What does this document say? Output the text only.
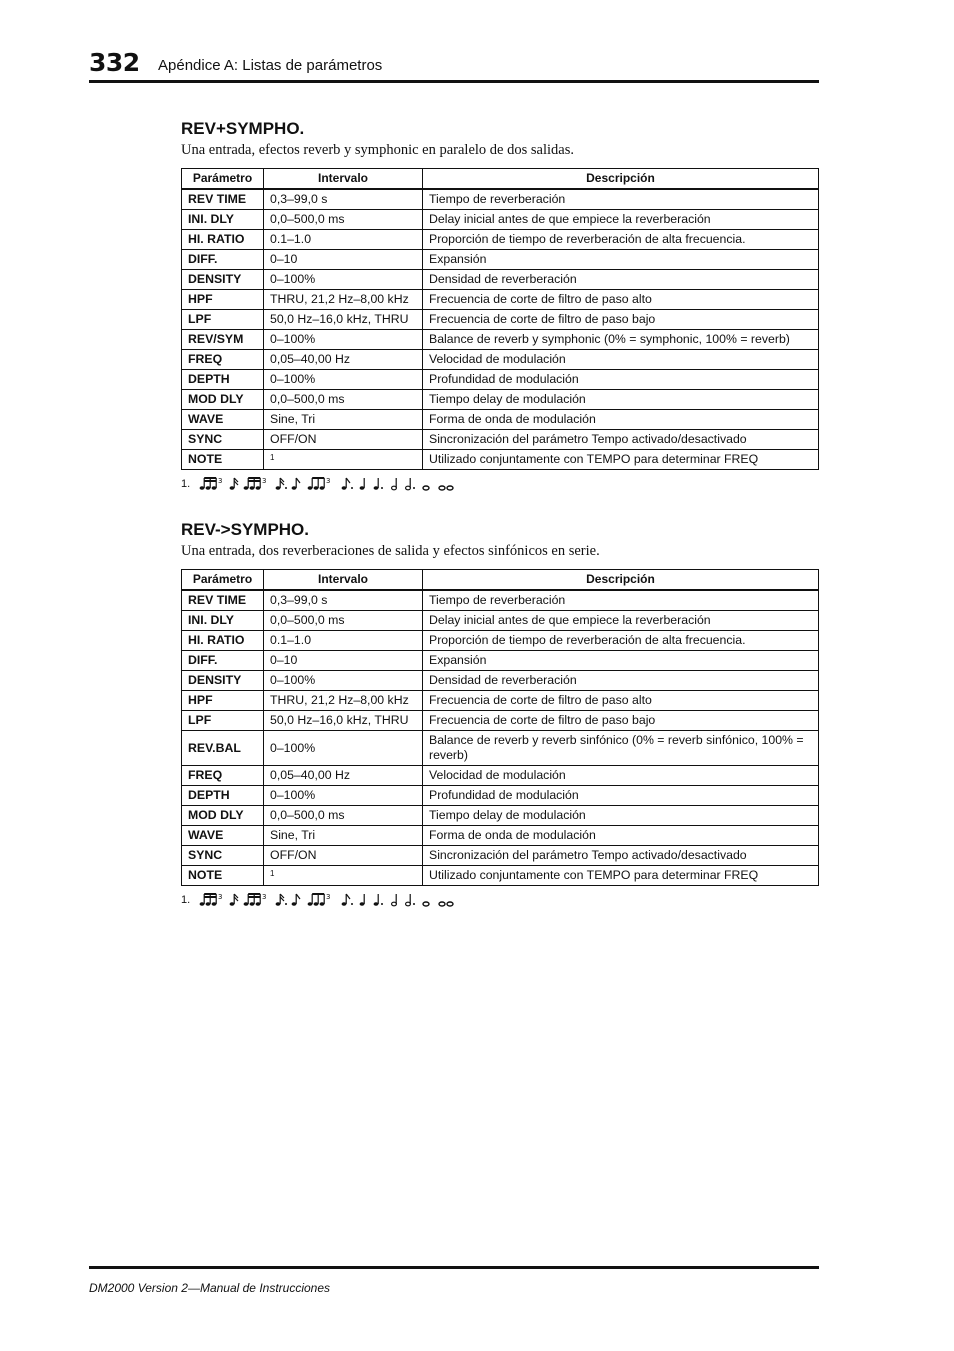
332 Apéndice A: Listas de parámetros
REV+SYMPHO.

Una entrada, efectos reverb y symphonic en paralelo de dos salidas.

Parámetro	Intervalo	Descripción
REV TIME	0,3–99,0 s	Tiempo de reverberación
INI. DLY	0,0–500,0 ms	Delay inicial antes de que empiece la reverberación
HI. RATIO	0.1–1.0	Proporción de tiempo de reverberación de alta frecuencia.
DIFF.	0–10	Expansión
DENSITY	0–100%	Densidad de reverberación
HPF	THRU, 21,2 Hz–8,00 kHz	Frecuencia de corte de filtro de paso alto
LPF	50,0 Hz–16,0 kHz, THRU	Frecuencia de corte de filtro de paso bajo
REV/SYM	0–100%	Balance de reverb y symphonic (0% = symphonic, 100% = reverb)
FREQ	0,05–40,00 Hz	Velocidad de modulación
DEPTH	0–100%	Profundidad de modulación
MOD DLY	0,0–500,0 ms	Tiempo delay de modulación
WAVE	Sine, Tri	Forma de onda de modulación
SYNC	OFF/ON	Sincronización del parámetro Tempo activado/desactivado
NOTE	$^1$	Utilizado conjuntamente con TEMPO para determinar FREQ
1.	3	3	3
REV->SYMPHO.

Una entrada, dos reverberaciones de salida y efectos sinfónicos en serie.

Parámetro	Intervalo	Descripción
REV TIME	0,3–99,0 s	Tiempo de reverberación
INI. DLY	0,0–500,0 ms	Delay inicial antes de que empiece la reverberación
HI. RATIO	0.1–1.0	Proporción de tiempo de reverberación de alta frecuencia.
DIFF.	0–10	Expansión
DENSITY	0–100%	Densidad de reverberación
HPF	THRU, 21,2 Hz–8,00 kHz	Frecuencia de corte de filtro de paso alto
LPF	50,0 Hz–16,0 kHz, THRU	Frecuencia de corte de filtro de paso bajo
REV.BAL	0–100%	Balance de reverb y reverb sinfónico (0% = reverb sinfónico, 100% = reverb)
FREQ	0,05–40,00 Hz	Velocidad de modulación
DEPTH	0–100%	Profundidad de modulación
MOD DLY	0,0–500,0 ms	Tiempo delay de modulación
WAVE	Sine, Tri	Forma de onda de modulación
SYNC	OFF/ON	Sincronización del parámetro Tempo activado/desactivado
NOTE	$^1$	Utilizado conjuntamente con TEMPO para determinar FREQ
1.	3	3	3
DM2000 Version 2—Manual de Instrucciones
